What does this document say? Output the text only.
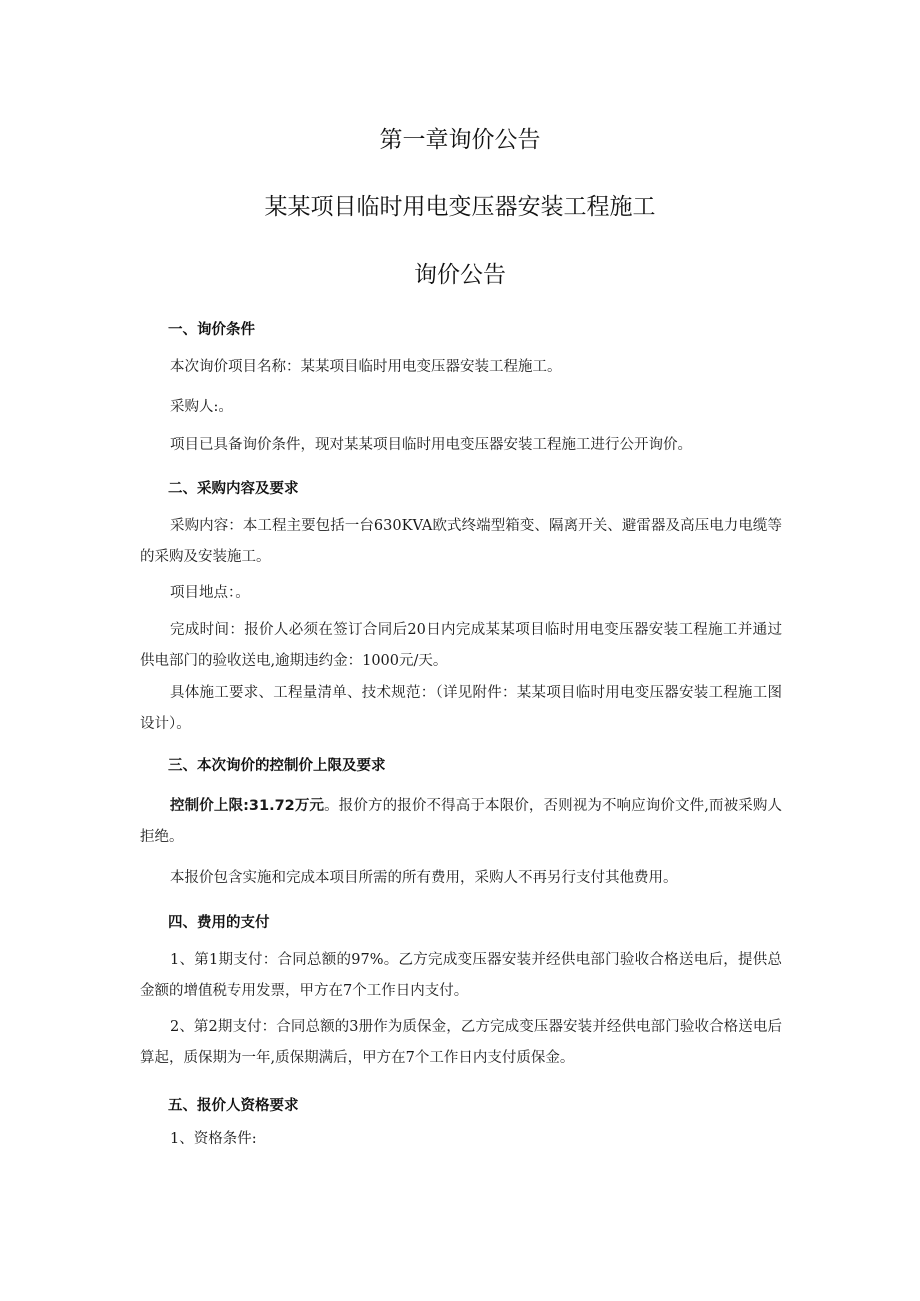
第一章询价公告
某某项目临时用电变压器安装工程施工
询价公告
一、询价条件

本次询价项目名称：某某项目临时用电变压器安装工程施工。

采购人:。

项目已具备询价条件，现对某某项目临时用电变压器安装工程施工进行公开询价。

二、采购内容及要求

采购内容：本工程主要包括一台630KVA欧式终端型箱变、隔离开关、避雷器及高压电力电缆等的采购及安装施工。

项目地点：。

完成时间：报价人必须在签订合同后20日内完成某某项目临时用电变压器安装工程施工并通过供电部门的验收送电,逾期违约金：1000元/天。

具体施工要求、工程量清单、技术规范：（详见附件：某某项目临时用电变压器安装工程施工图设计）。

三、本次询价的控制价上限及要求

控制价上限:31.72万元。报价方的报价不得高于本限价，否则视为不响应询价文件,而被采购人拒绝。

本报价包含实施和完成本项目所需的所有费用，采购人不再另行支付其他费用。

四、费用的支付

1、第1期支付：合同总额的97%。乙方完成变压器安装并经供电部门验收合格送电后，提供总金额的增值税专用发票，甲方在7个工作日内支付。

2、第2期支付：合同总额的3册作为质保金，乙方完成变压器安装并经供电部门验收合格送电后算起，质保期为一年,质保期满后，甲方在7个工作日内支付质保金。

五、报价人资格要求

1、资格条件:
